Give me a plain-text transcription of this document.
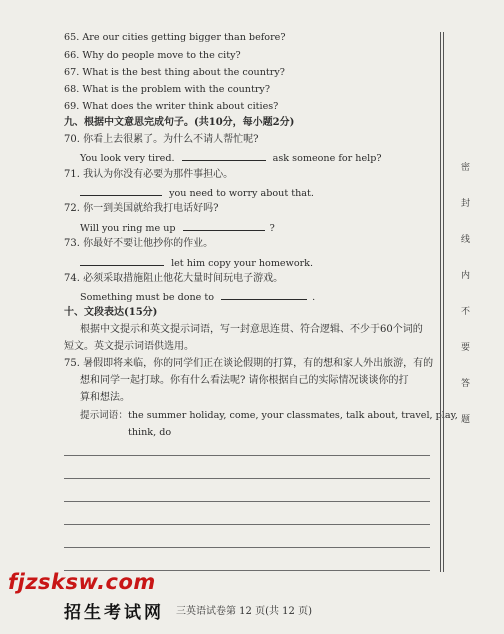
65. Are our cities getting bigger than before?
66. Why do people move to the city?
67. What is the best thing about the country?
68. What is the problem with the country?
69. What does the writer think about cities?
九、根据中文意思完成句子。(共10分，每小题2分)
70. 你看上去很累了。为什么不请人帮忙呢?
You look very tired.	ask someone for help?
71. 我认为你没有必要为那件事担心。
you need to worry about that.
72. 你一到美国就给我打电话好吗?
Will you ring me up	?
73. 你最好不要让他抄你的作业。
let him copy your homework.
74. 必须采取措施阻止他花大量时间玩电子游戏。
Something must be done to	.
十、文段表达(15分)
根据中文提示和英文提示词语，写一封意思连贯、符合逻辑、不少于60个词的
短文。英文提示词语供选用。
75. 暑假即将来临，你的同学们正在谈论假期的打算，有的想和家人外出旅游，有的
想和同学一起打球。你有什么看法呢? 请你根据自己的实际情况谈谈你的打
算和想法。
提示词语：the summer holiday, come, your classmates, talk about, travel, play,
think, do
密
封
线
内
不
要
答
题
三英语试卷第 12 页(共 12 页)
fjzsksw.com
招生考试网
